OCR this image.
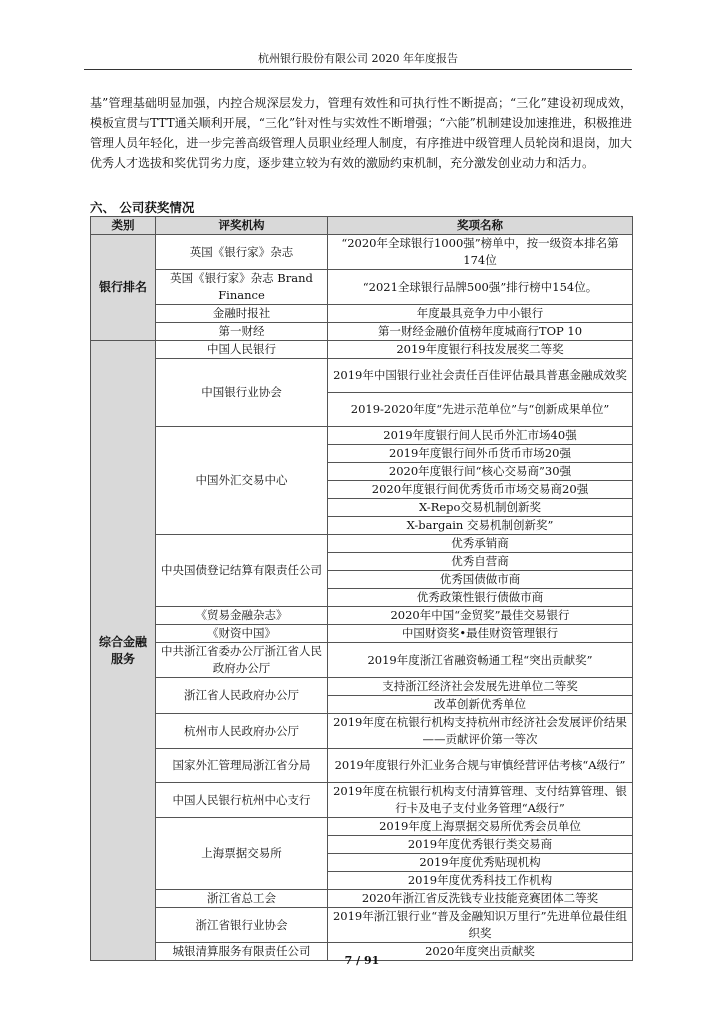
杭州银行股份有限公司 2020 年年度报告
基”管理基础明显加强，内控合规深层发力，管理有效性和可执行性不断提高；“三化”建设初现成效，模板宣贯与TTT通关顺利开展，“三化”针对性与实效性不断增强；“六能”机制建设加速推进，积极推进管理人员年轻化，进一步完善高级管理人员职业经理人制度，有序推进中级管理人员轮岗和退岗，加大优秀人才选拔和奖优罚劣力度，逐步建立较为有效的激励约束机制，充分激发创业动力和活力。
六、 公司获奖情况
类别	评奖机构	奖项名称
银行排名	英国《银行家》杂志	“2020年全球银行1000强”榜单中，按一级资本排名第174位
	英国《银行家》杂志 Brand Finance	“2021全球银行品牌500强”排行榜中154位。
	金融时报社	年度最具竞争力中小银行
	第一财经	第一财经金融价值榜年度城商行TOP 10
综合金融服务	中国人民银行	2019年度银行科技发展奖二等奖
	中国银行业协会	2019年中国银行业社会责任百佳评估最具普惠金融成效奖
		2019-2020年度“先进示范单位”与“创新成果单位”
	中国外汇交易中心	2019年度银行间人民币外汇市场40强
		2019年度银行间外币货币市场20强
		2020年度银行间“核心交易商”30强
		2020年度银行间优秀货币市场交易商20强
		X-Repo交易机制创新奖
		X-bargain 交易机制创新奖”
	中央国债登记结算有限责任公司	优秀承销商
		优秀自营商
		优秀国债做市商
		优秀政策性银行债做市商
	《贸易金融杂志》	2020年中国“金贸奖”最佳交易银行
	《财资中国》	中国财资奖•最佳财资管理银行
	中共浙江省委办公厅浙江省人民政府办公厅	2019年度浙江省融资畅通工程“突出贡献奖”
	浙江省人民政府办公厅	支持浙江经济社会发展先进单位二等奖
		改革创新优秀单位
	杭州市人民政府办公厅	2019年度在杭银行机构支持杭州市经济社会发展评价结果——贡献评价第一等次
	国家外汇管理局浙江省分局	2019年度银行外汇业务合规与审慎经营评估考核“A级行”
	中国人民银行杭州中心支行	2019年度在杭银行机构支付清算管理、支付结算管理、银行卡及电子支付业务管理“A级行”
	上海票据交易所	2019年度上海票据交易所优秀会员单位
		2019年度优秀银行类交易商
		2019年度优秀贴现机构
		2019年度优秀科技工作机构
	浙江省总工会	2020年浙江省反洗钱专业技能竞赛团体二等奖
	浙江省银行业协会	2019年浙江银行业“普及金融知识万里行”先进单位最佳组织奖
	城银清算服务有限责任公司	2020年度突出贡献奖
7 / 91
